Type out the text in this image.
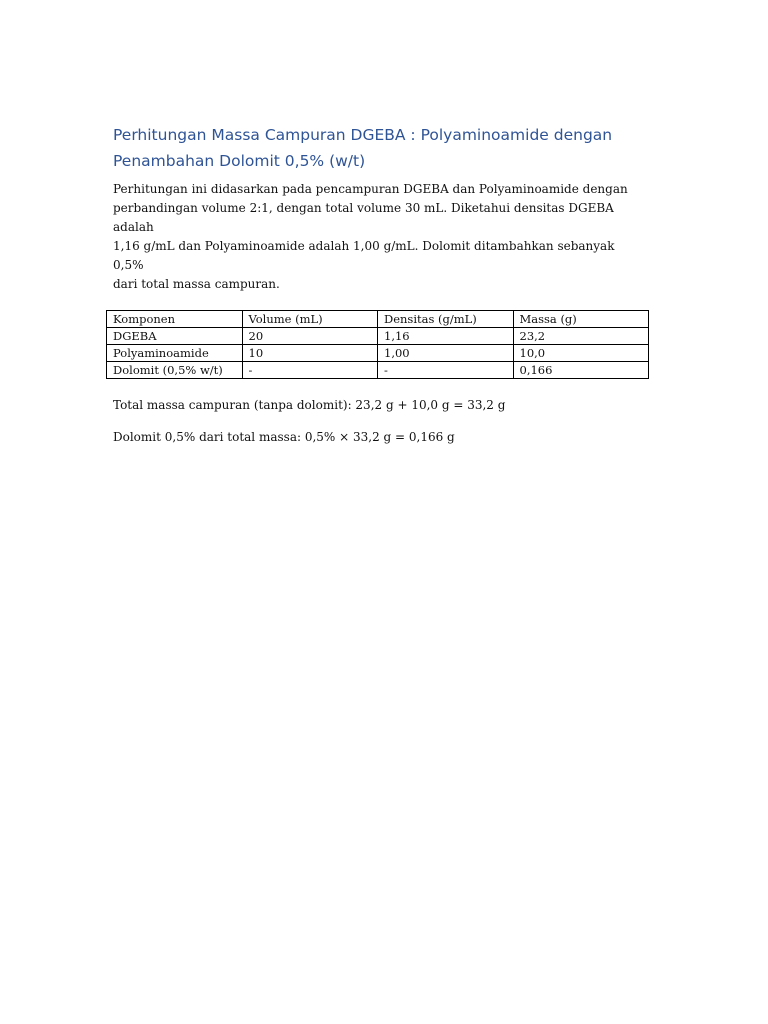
Perhitungan Massa Campuran DGEBA : Polyaminoamide dengan
Penambahan Dolomit 0,5% (w/t)

Perhitungan ini didasarkan pada pencampuran DGEBA dan Polyaminoamide dengan
perbandingan volume 2:1, dengan total volume 30 mL. Diketahui densitas DGEBA adalah
1,16 g/mL dan Polyaminoamide adalah 1,00 g/mL. Dolomit ditambahkan sebanyak 0,5%
dari total massa campuran.

Komponen	Volume (mL)	Densitas (g/mL)	Massa (g)
DGEBA	20	1,16	23,2
Polyaminoamide	10	1,00	10,0
Dolomit (0,5% w/t)	-	-	0,166

Total massa campuran (tanpa dolomit): 23,2 g + 10,0 g = 33,2 g

Dolomit 0,5% dari total massa: 0,5% × 33,2 g = 0,166 g
